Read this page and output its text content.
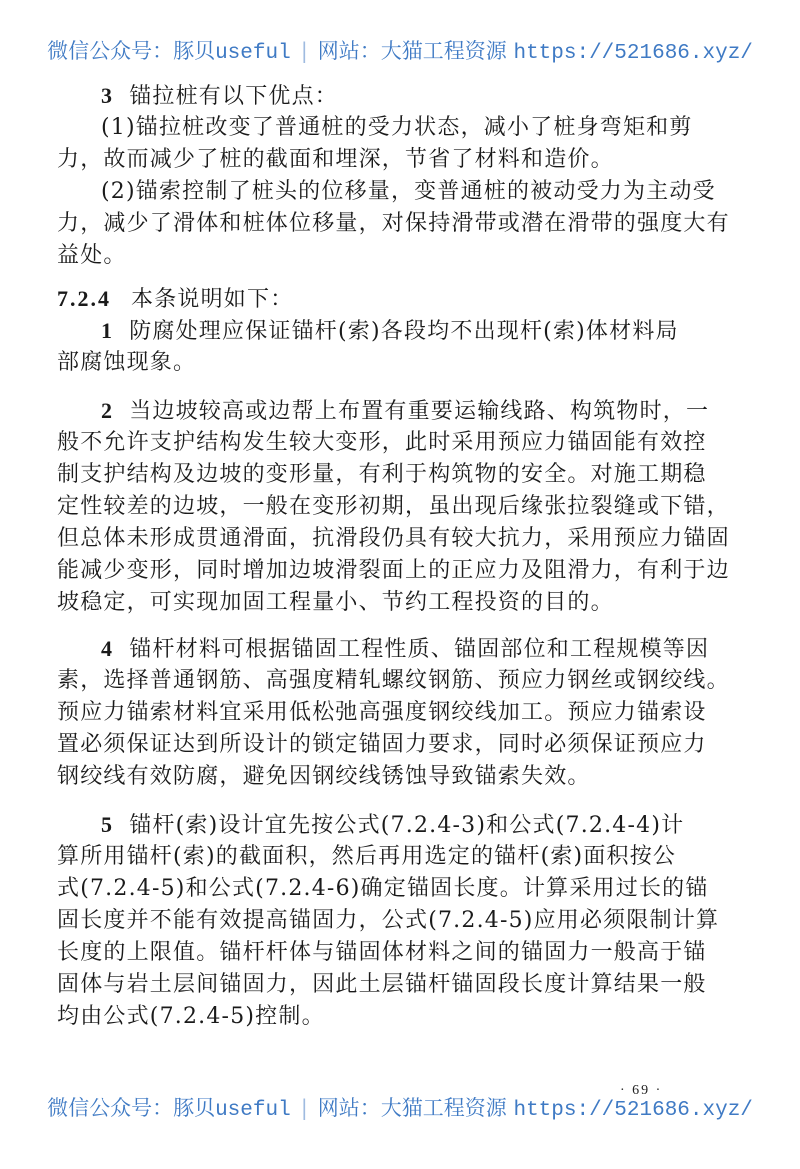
微信公众号：豚贝useful | 网站：大猫工程资源 https://521686.xyz/
3 锚拉桩有以下优点：
(1)锚拉桩改变了普通桩的受力状态，减小了桩身弯矩和剪
力，故而减少了桩的截面和埋深，节省了材料和造价。
(2)锚索控制了桩头的位移量，变普通桩的被动受力为主动受
力，减少了滑体和桩体位移量，对保持滑带或潜在滑带的强度大有
益处。
7.2.4 本条说明如下：
1 防腐处理应保证锚杆(索)各段均不出现杆(索)体材料局
部腐蚀现象。
2 当边坡较高或边帮上布置有重要运输线路、构筑物时，一
般不允许支护结构发生较大变形，此时采用预应力锚固能有效控
制支护结构及边坡的变形量，有利于构筑物的安全。对施工期稳
定性较差的边坡，一般在变形初期，虽出现后缘张拉裂缝或下错，
但总体未形成贯通滑面，抗滑段仍具有较大抗力，采用预应力锚固
能减少变形，同时增加边坡滑裂面上的正应力及阻滑力，有利于边
坡稳定，可实现加固工程量小、节约工程投资的目的。
4 锚杆材料可根据锚固工程性质、锚固部位和工程规模等因
素，选择普通钢筋、高强度精轧螺纹钢筋、预应力钢丝或钢绞线。
预应力锚索材料宜采用低松弛高强度钢绞线加工。预应力锚索设
置必须保证达到所设计的锁定锚固力要求，同时必须保证预应力
钢绞线有效防腐，避免因钢绞线锈蚀导致锚索失效。
5 锚杆(索)设计宜先按公式(7.2.4-3)和公式(7.2.4-4)计
算所用锚杆(索)的截面积，然后再用选定的锚杆(索)面积按公
式(7.2.4-5)和公式(7.2.4-6)确定锚固长度。计算采用过长的锚
固长度并不能有效提高锚固力，公式(7.2.4-5)应用必须限制计算
长度的上限值。锚杆杆体与锚固体材料之间的锚固力一般高于锚
固体与岩土层间锚固力，因此土层锚杆锚固段长度计算结果一般
均由公式(7.2.4-5)控制。
· 69 ·
微信公众号：豚贝useful | 网站：大猫工程资源 https://521686.xyz/
